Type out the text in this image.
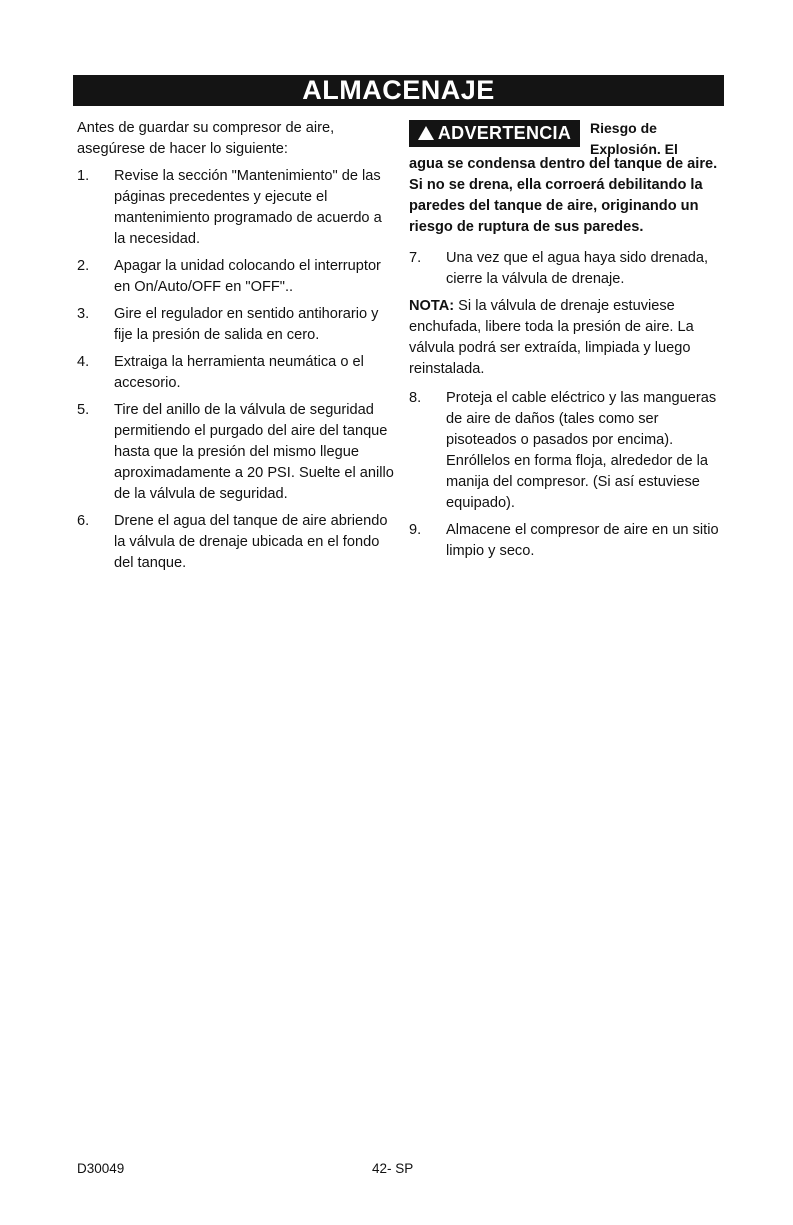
ALMACENAJE

Antes de guardar su compresor de aire, asegúrese de hacer lo siguiente:

1. Revise la sección "Mantenimiento" de las páginas precedentes y ejecute el mantenimiento programado de acuerdo a la necesidad.

2. Apagar la unidad colocando el interruptor en On/Auto/OFF en "OFF"..

3. Gire el regulador en sentido antihorario y fije la presión de salida en cero.

4. Extraiga la herramienta neumática o el accesorio.

5. Tire del anillo de la válvula de seguridad permitiendo el purgado del aire del tanque hasta que la presión del mismo llegue aproximadamente a 20 PSI. Suelte el anillo de la válvula de seguridad.

6. Drene el agua del tanque de aire abriendo la válvula de drenaje ubicada en el fondo del tanque.

ADVERTENCIA	Riesgo de
Explosión. El

agua se condensa dentro del tanque de aire. Si no se drena, ella corroerá debilitando la paredes del tanque de aire, originando un riesgo de ruptura de sus paredes.

7. Una vez que el agua haya sido drenada, cierre la válvula de drenaje.

NOTA: Si la válvula de drenaje estuviese enchufada, libere toda la presión de aire. La válvula podrá ser extraída, limpiada y luego reinstalada.

8. Proteja el cable eléctrico y las mangueras de aire de daños (tales como ser pisoteados o pasados por encima). Enróllelos en forma floja, alrededor de la manija del compresor. (Si así estuviese equipado).

9. Almacene el compresor de aire en un sitio limpio y seco.

D30049	42- SP
